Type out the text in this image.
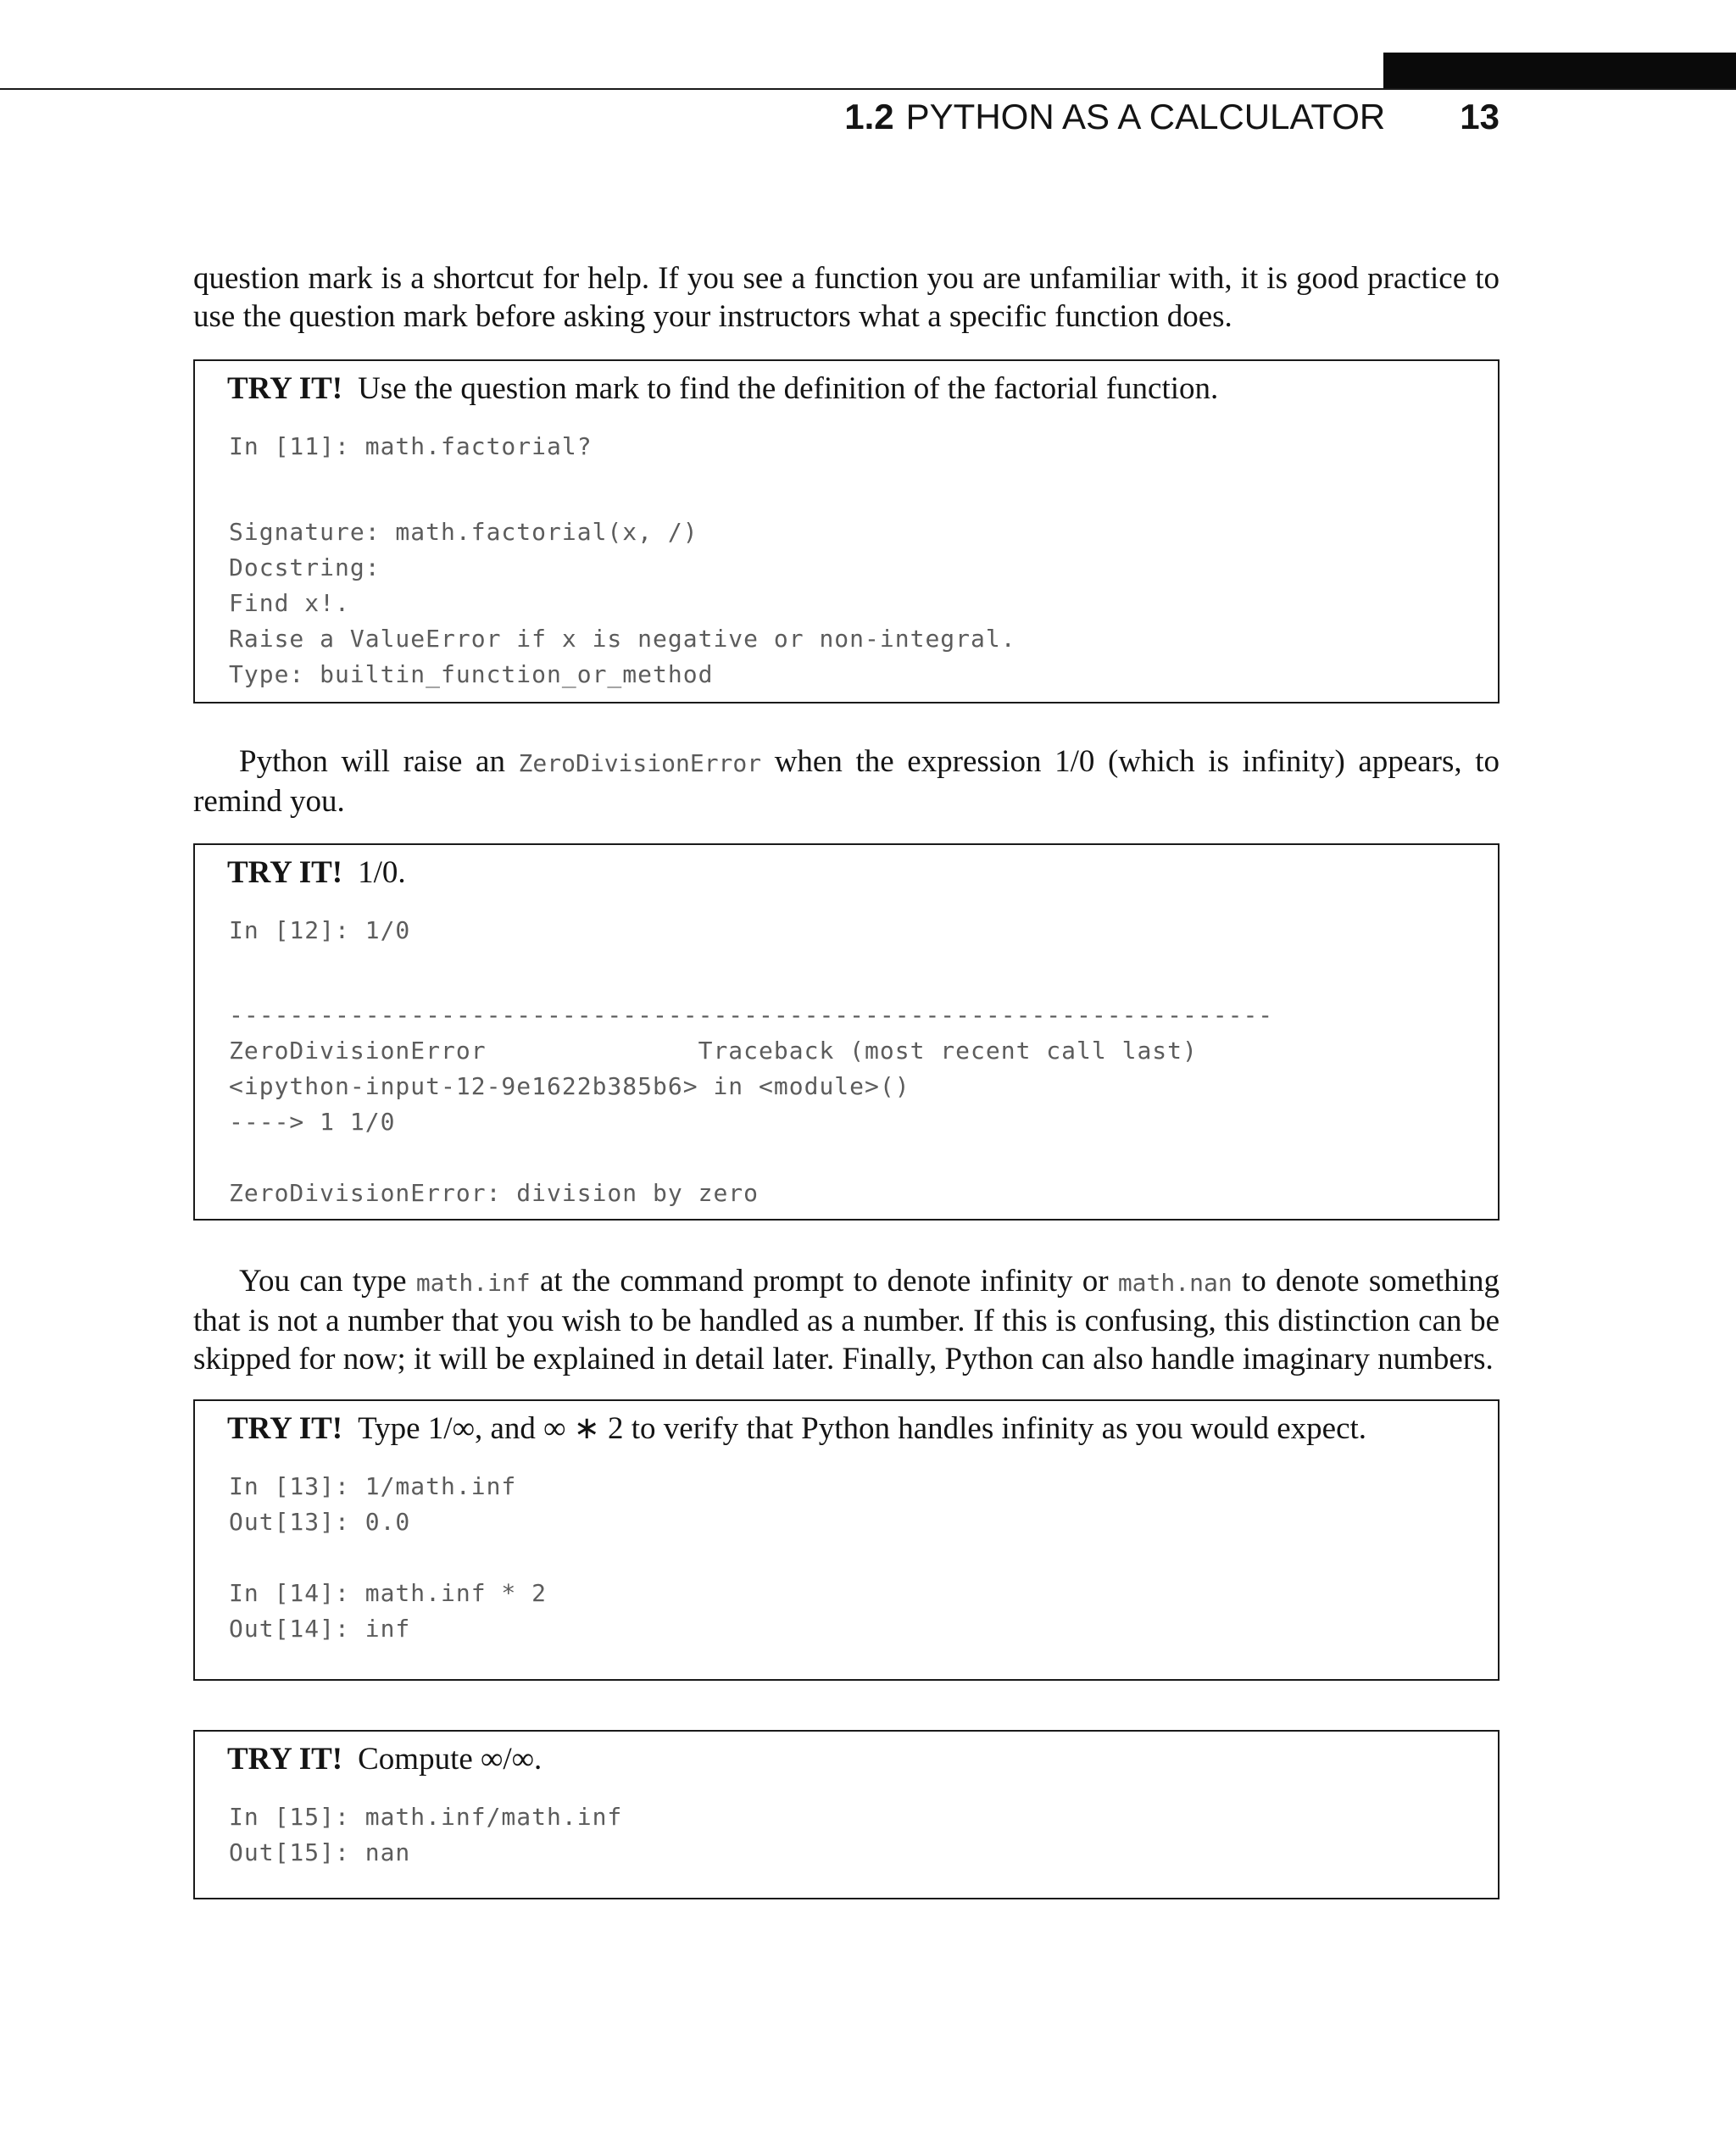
1.2 PYTHON AS A CALCULATOR 13

question mark is a shortcut for help. If you see a function you are unfamiliar with, it is good practice to use the question mark before asking your instructors what a specific function does.

TRY IT! Use the question mark to find the definition of the factorial function.
In [11]: math.factorial?
Signature: math.factorial(x, /)
Docstring:
Find x!.
Raise a ValueError if x is negative or non-integral.
Type: builtin_function_or_method

Python will raise an ZeroDivisionError when the expression 1/0 (which is infinity) appears, to remind you.

TRY IT! 1/0.
In [12]: 1/0
---------------------------------------------------------------------
ZeroDivisionError              Traceback (most recent call last)
<ipython-input-12-9e1622b385b6> in <module>()
----> 1 1/0

ZeroDivisionError: division by zero

You can type math.inf at the command prompt to denote infinity or math.nan to denote something that is not a number that you wish to be handled as a number. If this is confusing, this distinction can be skipped for now; it will be explained in detail later. Finally, Python can also handle imaginary numbers.

TRY IT! Type 1/∞, and ∞ ∗ 2 to verify that Python handles infinity as you would expect.
In [13]: 1/math.inf
Out[13]: 0.0

In [14]: math.inf * 2
Out[14]: inf
TRY IT! Compute ∞/∞.
In [15]: math.inf/math.inf
Out[15]: nan
